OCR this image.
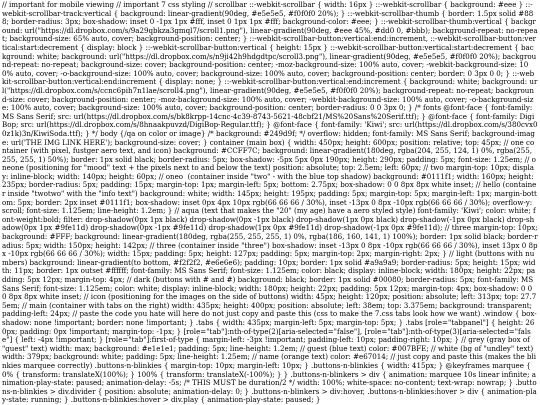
// important for mobile viewing // important 7 css styling // scrollbar ::-webkit-scrollbar { width: 16px } ::-webkit-scrollbar { background: #eee } ::-webkit-scrollbar-track:vertical { background: linear-gradient(90deg, #e5e5e5, #f0f0f0 20%); } ::-webkit-scrollbar-thumb { border: 1.5px solid #888; border-radius: 3px; box-shadow: inset 0 -1px 1px #fff, inset 0 1px 1px #fff; background-color: #eee; } ::-webkit-scrollbar-thumb:vertical { background: url("https://dl.dropbox.com/s/9a29qbkza3gmql7/scroll1.png"), linear-gradient(90deg, #eee 45%, #dd0 0, #bbb); background-repeat: no-repeat; background-size: 65% auto, cover; background-position: center; } ::-webkit-scrollbar-button:vertical:end:increment, ::-webkit-scrollbar-button:vertical:start:decrement { display: block } ::-webkit-scrollbar-button:vertical { height: 15px } ::-webkit-scrollbar-button:vertical:start:decrement { background: white; background: url("https://dl.dropbox.com/s/n9ji42h9hdgdtpc/scroll3.png"), linear-gradient(90deg, #e5e5e5, #f0f0f0 20%); background-repeat: no-repeat; background-size: cover; background-position: center; -moz-background-size: 100% auto, cover; -webkit-background-size: 100% auto, cover; -o-background-size: 100% auto, cover; background-size: 100% auto, cover; background-position: center; border: 0 3px 0 0; } ::-webkit-scrollbar-button:vertical:end:increment { display: none; } ::-webkit-scrollbar-button:vertical:end:increment { background: white; background: url("https://dl.dropbox.com/s/ccnc6pih7n1lae/scroll4.png"), linear-gradient(90deg, #e5e5e5, #f0f0f0 20%); background-repeat: no-repeat; background-size: cover; background-position: center; -moz-background-size: 100% auto, cover; -webkit-background-size: 100% auto, cover; -o-background-size: 100% auto, cover; background-size: 100% auto, cover; background-position: center; border-radius: 0 0 3px 0; } /* fonts @font-face { font-family: MS Sans Serif; src: url(https://dl.dropbox.com/s/bk8krpp-14cnc-4c39-8743-5621-48cbf21/MS%20Sans%20Serif.ttf); } @font-face { font-family: DigiBop; src: url(https://dl.dropbox.com/s/8hnaakpuvzd/DigiBop-Regular.ttf); } @font-face { font-family: 'Kiwi'; src: url(https://dl.dropbox.com/s/380cvx00z1k)3n/KiwiSoda.ttf); } */ body {/qa on color or image} /* background: #249d9f; */ overflow: hidden; font-family: MS Sans Serif; background-image: url('THE IMG LINK HERE'); background-size: cover; } container (main box) { width: 450px; height: 600px; position: relative; top: 45px; // one container (with pixel, fustger aero text, and icon) background: #CCFF7C; background: linear-gradient(180deg, rgba(204, 255, 124, 1) 0%, rgba(255, 255, 255, 1) 50%); border: 1px solid black; border-radius: 5px; box-shadow: -5px 5px 0px 190px; height: 290px; padding: 5px; font-size: 1.25em; // oneone (positioning for "mood" text + the pixels next to and below the text) position: absolute; top: 2.5em; left: 60px; // two margin-top: 10px; display: inline-block; width: 140px; height: 60px; // oneo  (container inside "two" - with the blue top shadow) background: #0111f1; width: 160px; height: 235px; border-radius: 5px; padding: 15px; margin-top: 1px; margin-left: 5px; bottom: 2.75px; box-shadow: 0 0 8px 8px white inset; // hello (container inside "twotwo" with the "info text") background: white; width: 145px; height: 195px; padding: 5px; margin-top: 5px; margin-left: 1px; margin-bottom: 5px; border: 2px inset #0111f1; box-shadow: inset 0px 4px 10px rgb(66 66 66 / 30%), inset -13px 0 8px -10px rgb(66 66 66 / 30%); overflow-y: scroll; font-size: 1.125em; line-height: 1.2em; } // aqua (text that makes the "20" (my age) have a aero styled style) font-family: 'Kiwi'; color: white; font-weight:bold; filter: drop-shadow(0px 1px black) drop-shadow(0px -1px black) drop-shadow(1px 0px black) drop-shadow(-1px 0px black) drop-shadow(0px 1px #9fe11d) drop-shadow(0px -1px #9fe11d) drop-shadow(1px 0px #9fe11d) drop-shadow(-1px 0px #9fe11d); // three margin-top: 10px; background: #FFF; background: linear-gradient(180deg, rgba(255, 255, 255, 1) 0%, rgba(186, 160, 141, 1) 100%); border: 1px solid black; border-radius: 5px; width: 150px; height: 142px; // three (container inside "three") box-shadow: inset -13px 0 8px -10px rgb(66 66 66 / 30%), inset 13px 0 8px -10px rgb(66 66 66 / 30%); width: 15px; padding: 5px; height: 127px; padding: 5px; margin-top: 2px; margin-right: 2px; } // light (buttons with numbers) background: linear-gradient(to bottom, #f2f2f2, #e6e6e6); padding: 10px; border: 1px solid #a9a9a9; border-radius: 5px; height: 15px; width: 11px; border: 1px outset #ffffff; font-family: MS Sans Serif; font-size: 1.125em; color: black; display: inline-block; width: 180px; height: 22px; padding: 5px 12px; margin-top: 4px; // dark (buttons with # and #) background: black; border: 1px solid #00080; border-radius: 5px; font-family: MS Sans Serif; font-size: 1.125em; color: white; display: inline-block; width: 180px; height: 22px; padding: 5px 12px; margin-top: 4px; box-shadow: 0 0 0 8px 8px white inset; // icon (positioning for the images on the side of buttons) width: 45px; height: 120px; position: absolute; left: 313px; top: 27.75em; // main (container with tabs on the right) width: 435px; height: 400px; position: absolute; left: 38em; top: 3.375em; background: transparent; padding-left: 24px; // paste the code you hate will here do not just copy and paste this (css to make the 7.css tabs look how we want) .window { box-shadow: none !important; border: none !important; } .tabs { width: 435px; margin-left: 5px; margin-top: 5px; } .tabs [role="tabpanel"] { height: 260px; padding: 0px !important; margin-top: -1px; } [role="tab"]:nth-of-type(2)[aria-selected="false"], [role="tab"]:nth-of-type(3)[aria-selected="false"] { left: -4px !important; } [role="tab"]:first-of-type { margin-left: -3px !important; padding-left: 10px; padding-right: 10px; } // grey (gray box of "guest" text) width: max; background: #e1e1e1; padding: 5px; line-height: 1.2em; // guest (blue text) color: #007BFE; // white (bg of "undley" text) width: 379px; background: white; padding: 5px; line-height: 1.25em; // name (orange text) color: #e67014; // just copy and paste this (makes the blinkies marquee correctly) .buttons-n-blinkies { margin-top: 10px; margin-left: 10px; } .buttons-n-blinkies { width: 415px; } @keyframes marquee { 0% { transform: translateX(100%); } 100% { transform: translateX(-100%); } } .buttons-n-blinkers > div { animation: marquee 10s linear infinite; animation-play-state: paused; animation-delay: -5s; /* THIS MUST be duration/2 */ width: 100%; white-space: no-content; text-wrap: nowrap; } .buttons-n-blinkies > div.divider { position: absolute; animation-delay: 0; } .buttons-n-blinkers > div:hover, .buttons-n-blinkies:hover > div { animation-play-state: running; } .buttons-n-blinkies:hover > div.play { animation-play-state: paused; }
